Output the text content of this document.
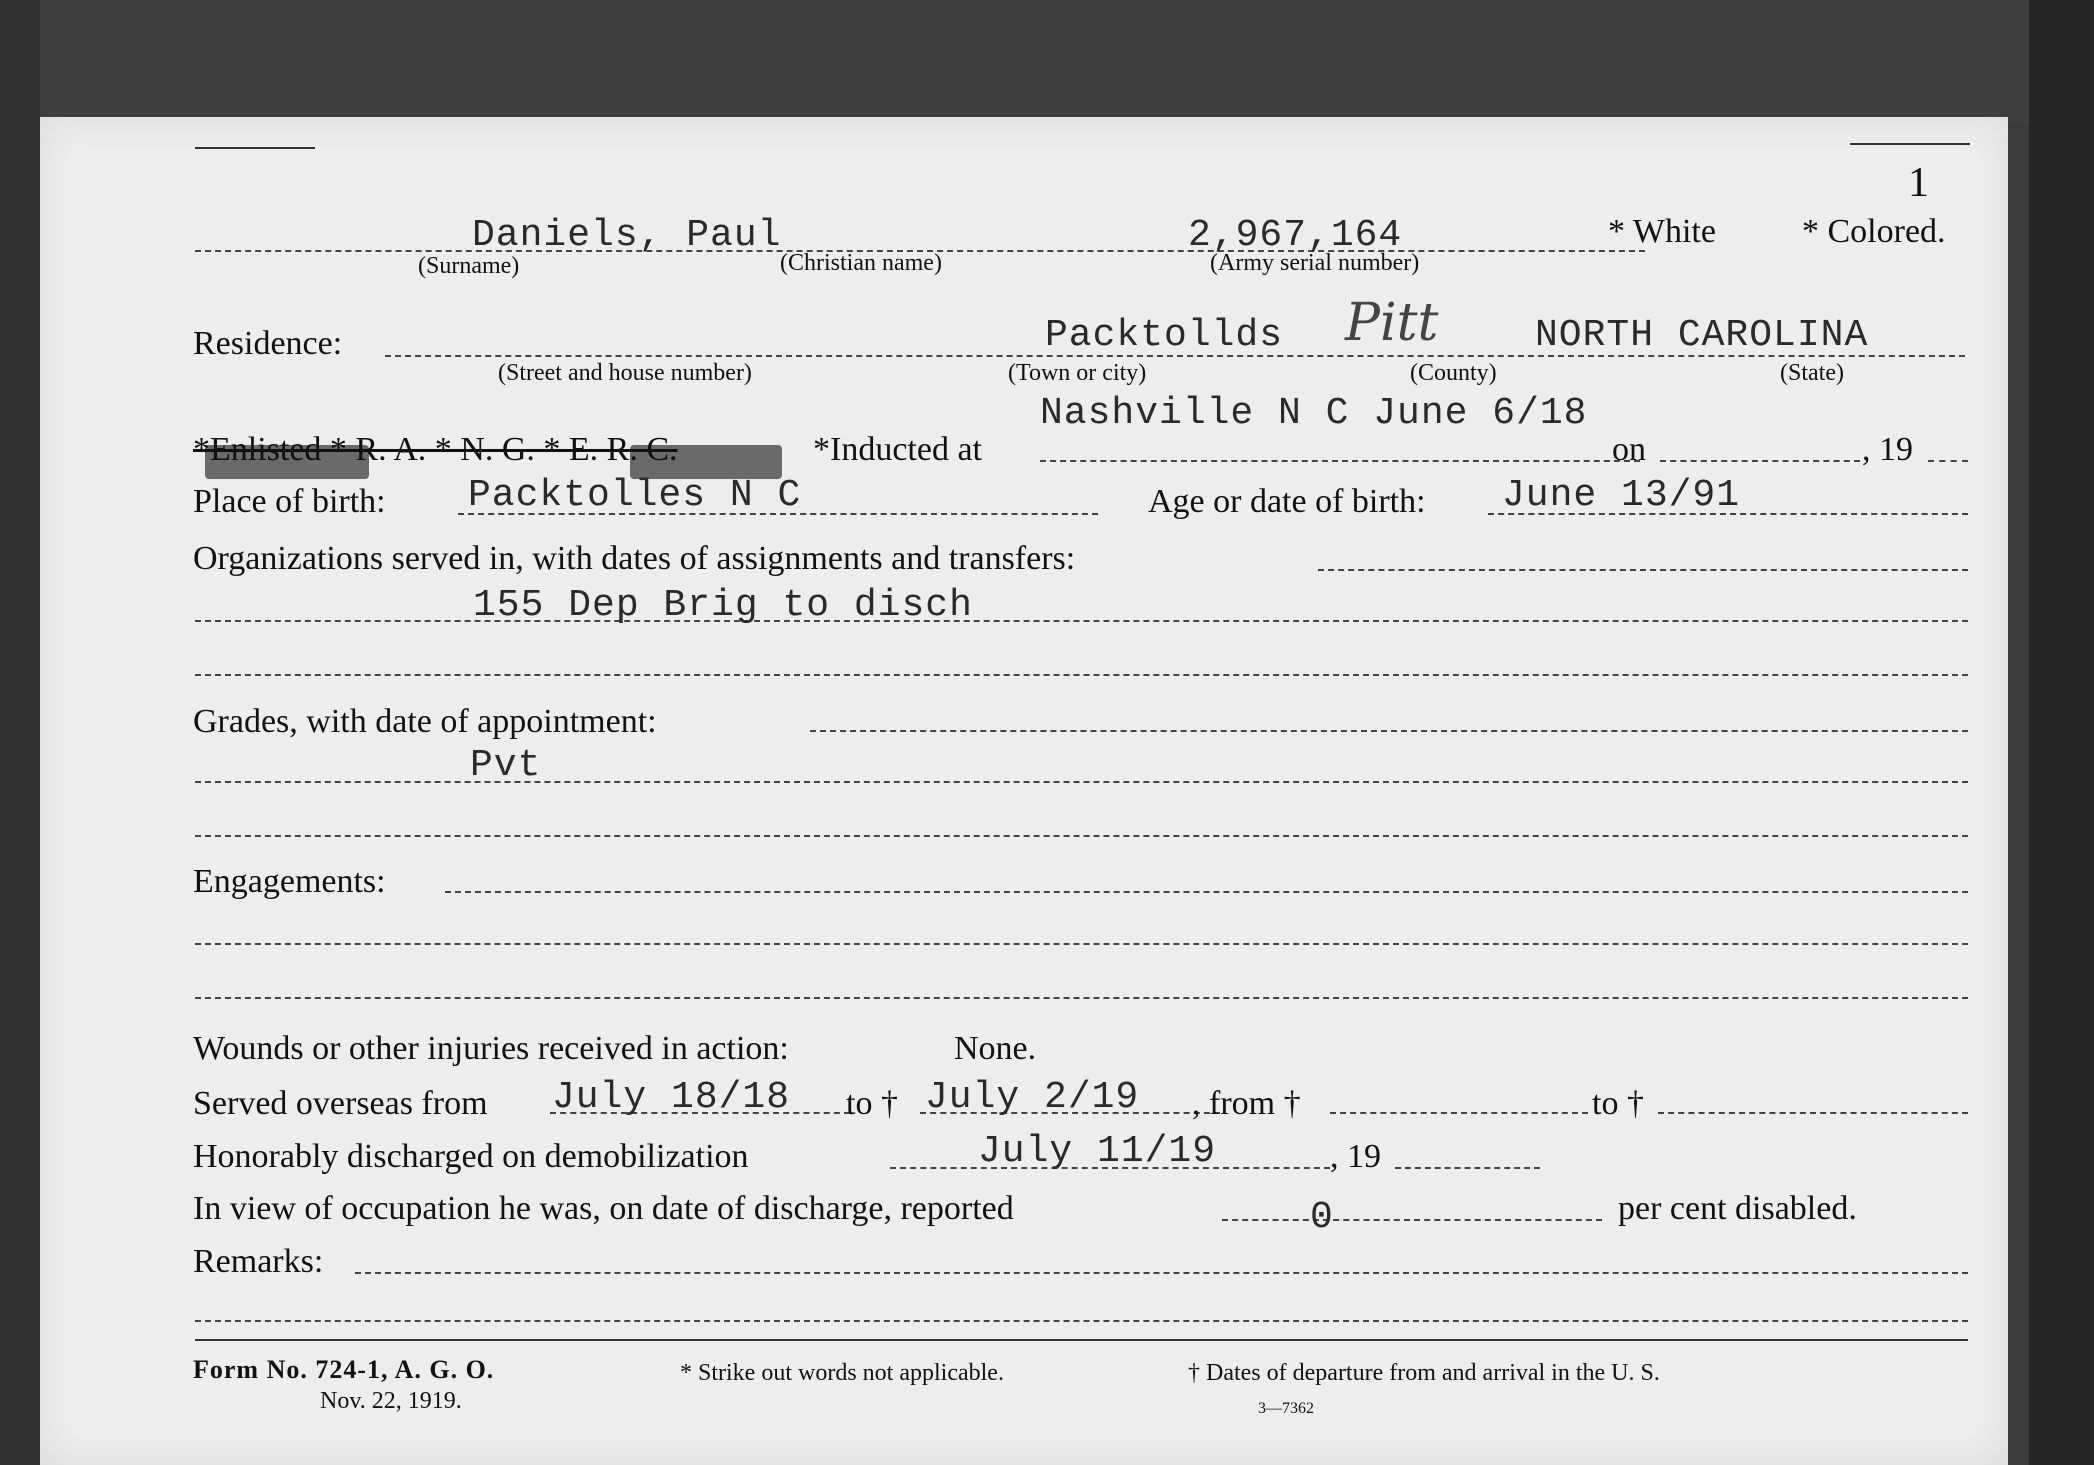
1
Daniels, Paul	2,967,164	* White	* Colored.
(Surname)	(Christian name)	(Army serial number)
Residence:	Packtollds Pitt	NORTH CAROLINA
(Street and house number)	(Town or city)	(County)	(State)
Nashville N C June 6/18
*Enlisted * R. A. * N. G. * E. R. C.	*Inducted at	on	, 19
Place of birth: Packtolles N C	Age or date of birth: June 13/91
Organizations served in, with dates of assignments and transfers:
155 Dep Brig to disch
Grades, with date of appointment:
Pvt
Engagements:
Wounds or other injuries received in action:	None.
Served overseas from July 18/18 to † July 2/19 , from †	to †
Honorably discharged on demobilization	July 11/19	, 19
In view of occupation he was, on date of discharge, reported	0	per cent disabled.
Remarks:
Form No. 724-1, A. G. O.
Nov. 22, 1919.
* Strike out words not applicable.	† Dates of departure from and arrival in the U. S.
3—7362
